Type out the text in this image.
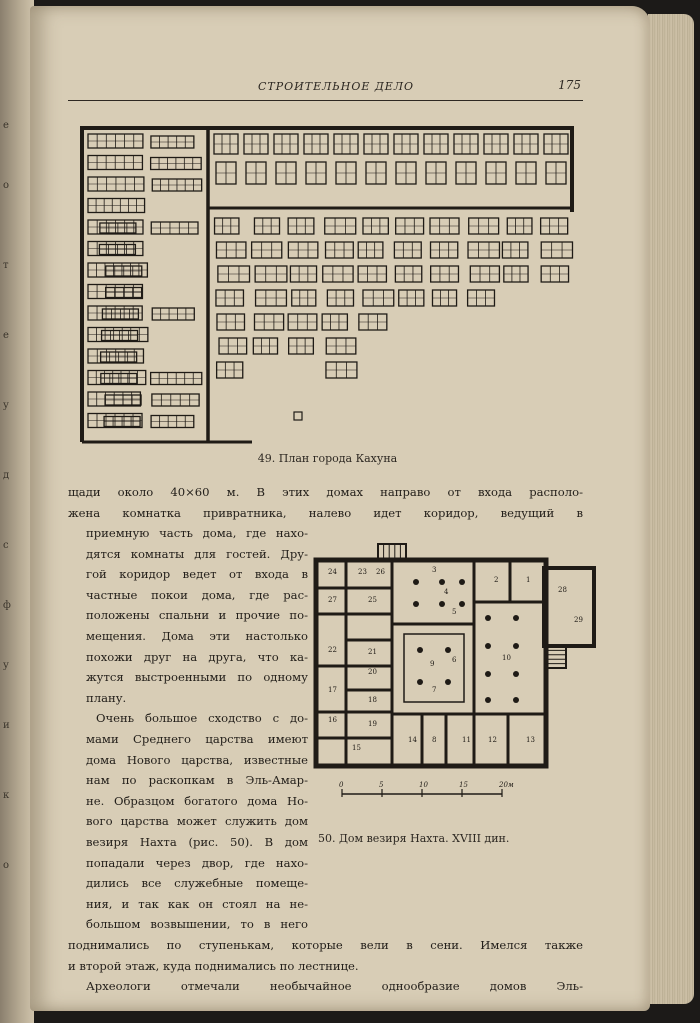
е
о
т
е
у
д
с
ф
у
и
к
о
СТРОИТЕЛЬНОЕ ДЕЛО	175
49. План города Кахуна
щади около 40×60 м. В этих домах направо от входа располо-
жена комнатка привратника, налево идет коридор, ведущий в
приемную часть дома, где нахо-
дятся комнаты для гостей. Дру-
гой коридор ведет от входа в
частные покои дома, где рас-
положены спальни и прочие по-
мещения. Дома эти настолько
похожи друг на друга, что ка-
жутся выстроенными по одному
плану.
Очень большое сходство с до-
мами Среднего царства имеют
дома Нового царства, известные
нам по раскопкам в Эль-Амар-
не. Образцом богатого дома Но-
вого царства может служить дом
везиря Нахта (рис. 50). В дом
попадали через двор, где нахо-
дились все служебные помеще-
ния, и так как он стоял на не-
большом возвышении, то в него
24	23 26
27	25
22	21
20
17
16
18
19
3
4
5
6
7
2	1
9
10
8	11 12	13
14
15
28
29
0	5	10	15	20м
50. Дом везиря Нахта. XVIII дин.
поднимались по ступенькам, которые вели в сени. Имелся также
и второй этаж, куда поднимались по лестнице.
Археологи отмечали необычайное однообразие домов Эль-
